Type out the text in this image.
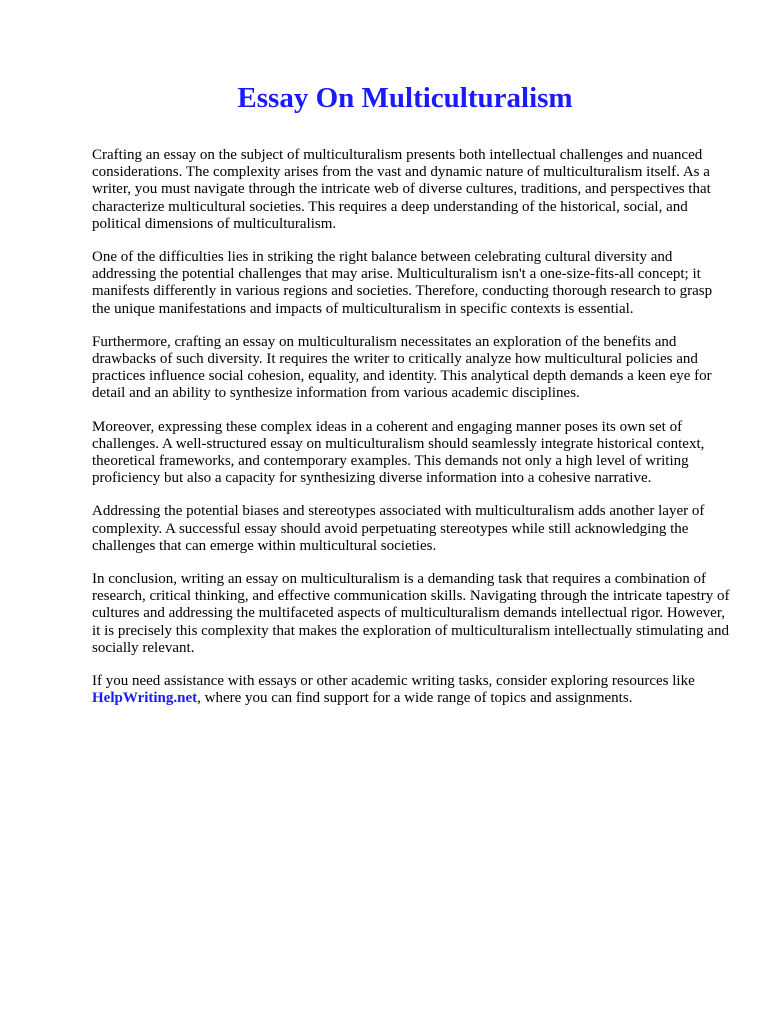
Essay On Multiculturalism

Crafting an essay on the subject of multiculturalism presents both intellectual challenges and nuanced considerations. The complexity arises from the vast and dynamic nature of multiculturalism itself. As a writer, you must navigate through the intricate web of diverse cultures, traditions, and perspectives that characterize multicultural societies. This requires a deep understanding of the historical, social, and political dimensions of multiculturalism.

One of the difficulties lies in striking the right balance between celebrating cultural diversity and addressing the potential challenges that may arise. Multiculturalism isn't a one-size-fits-all concept; it manifests differently in various regions and societies. Therefore, conducting thorough research to grasp the unique manifestations and impacts of multiculturalism in specific contexts is essential.

Furthermore, crafting an essay on multiculturalism necessitates an exploration of the benefits and drawbacks of such diversity. It requires the writer to critically analyze how multicultural policies and practices influence social cohesion, equality, and identity. This analytical depth demands a keen eye for detail and an ability to synthesize information from various academic disciplines.

Moreover, expressing these complex ideas in a coherent and engaging manner poses its own set of challenges. A well-structured essay on multiculturalism should seamlessly integrate historical context, theoretical frameworks, and contemporary examples. This demands not only a high level of writing proficiency but also a capacity for synthesizing diverse information into a cohesive narrative.

Addressing the potential biases and stereotypes associated with multiculturalism adds another layer of complexity. A successful essay should avoid perpetuating stereotypes while still acknowledging the challenges that can emerge within multicultural societies.

In conclusion, writing an essay on multiculturalism is a demanding task that requires a combination of research, critical thinking, and effective communication skills. Navigating through the intricate tapestry of cultures and addressing the multifaceted aspects of multiculturalism demands intellectual rigor. However, it is precisely this complexity that makes the exploration of multiculturalism intellectually stimulating and socially relevant.

If you need assistance with essays or other academic writing tasks, consider exploring resources like HelpWriting.net, where you can find support for a wide range of topics and assignments.
